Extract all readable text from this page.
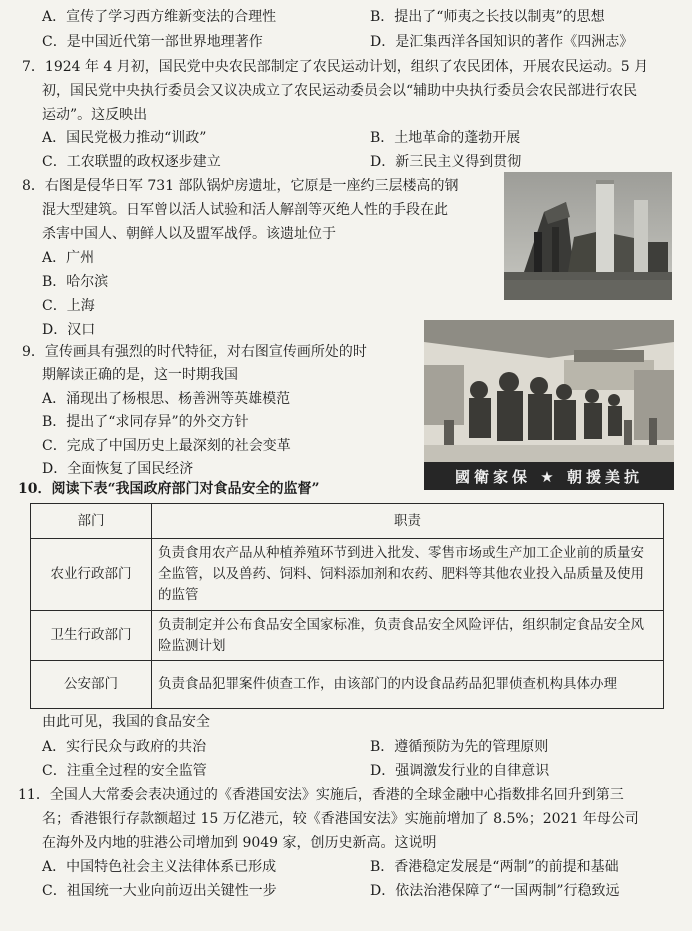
A．宣传了学习西方维新变法的合理性	B．提出了“师夷之长技以制夷”的思想
C．是中国近代第一部世界地理著作	D．是汇集西洋各国知识的著作《四洲志》
7．1924 年 4 月初，国民党中央农民部制定了农民运动计划，组织了农民团体，开展农民运动。5 月
初，国民党中央执行委员会又议决成立了农民运动委员会以“辅助中央执行委员会农民部进行农民
运动”。这反映出
A．国民党极力推动“训政”	B．土地革命的蓬勃开展
C．工农联盟的政权逐步建立	D．新三民主义得到贯彻
8．右图是侵华日军 731 部队锅炉房遗址，它原是一座约三层楼高的钢
混大型建筑。日军曾以活人试验和活人解剖等灭绝人性的手段在此
杀害中国人、朝鲜人以及盟军战俘。该遗址位于
A．广州
B．哈尔滨
C．上海
D．汉口
9．宣传画具有强烈的时代特征，对右图宣传画所处的时
期解读正确的是，这一时期我国
A．涌现出了杨根思、杨善洲等英雄模范
B．提出了“求同存异”的外交方针
C．完成了中国历史上最深刻的社会变革
D．全面恢复了国民经济	國衛家保 ★ 朝援美抗
10．阅读下表“我国政府部门对食品安全的监督”
部门	职责
农业行政部门	负责食用农产品从种植养殖环节到进入批发、零售市场或生产加工企业前的质量安全监管，以及兽药、饲料、饲料添加剂和农药、肥料等其他农业投入品质量及使用的监管
卫生行政部门	负责制定并公布食品安全国家标准，负责食品安全风险评估，组织制定食品安全风险监测计划
公安部门	负责食品犯罪案件侦查工作，由该部门的内设食品药品犯罪侦查机构具体办理
由此可见，我国的食品安全
A．实行民众与政府的共治	B．遵循预防为先的管理原则
C．注重全过程的安全监管	D．强调激发行业的自律意识
11．全国人大常委会表决通过的《香港国安法》实施后，香港的全球金融中心指数排名回升到第三
名；香港银行存款额超过 15 万亿港元，较《香港国安法》实施前增加了 8.5%；2021 年母公司
在海外及内地的驻港公司增加到 9049 家，创历史新高。这说明
A．中国特色社会主义法律体系已形成	B．香港稳定发展是“两制”的前提和基础
C．祖国统一大业向前迈出关键性一步	D．依法治港保障了“一国两制”行稳致远
